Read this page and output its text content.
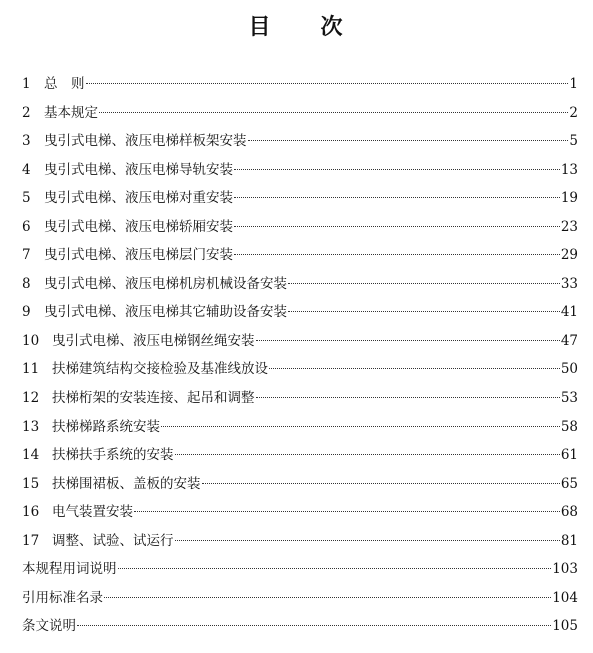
目　　次
1 总　则	1
2 基本规定	2
3 曳引式电梯、液压电梯样板架安装	5
4 曳引式电梯、液压电梯导轨安装	13
5 曳引式电梯、液压电梯对重安装	19
6 曳引式电梯、液压电梯轿厢安装	23
7 曳引式电梯、液压电梯层门安装	29
8 曳引式电梯、液压电梯机房机械设备安装	33
9 曳引式电梯、液压电梯其它辅助设备安装	41
10 曳引式电梯、液压电梯钢丝绳安装	47
11 扶梯建筑结构交接检验及基准线放设	50
12 扶梯桁架的安装连接、起吊和调整	53
13 扶梯梯路系统安装	58
14 扶梯扶手系统的安装	61
15 扶梯围裙板、盖板的安装	65
16 电气装置安装	68
17 调整、试验、试运行	81
本规程用词说明	103
引用标准名录	104
条文说明	105
